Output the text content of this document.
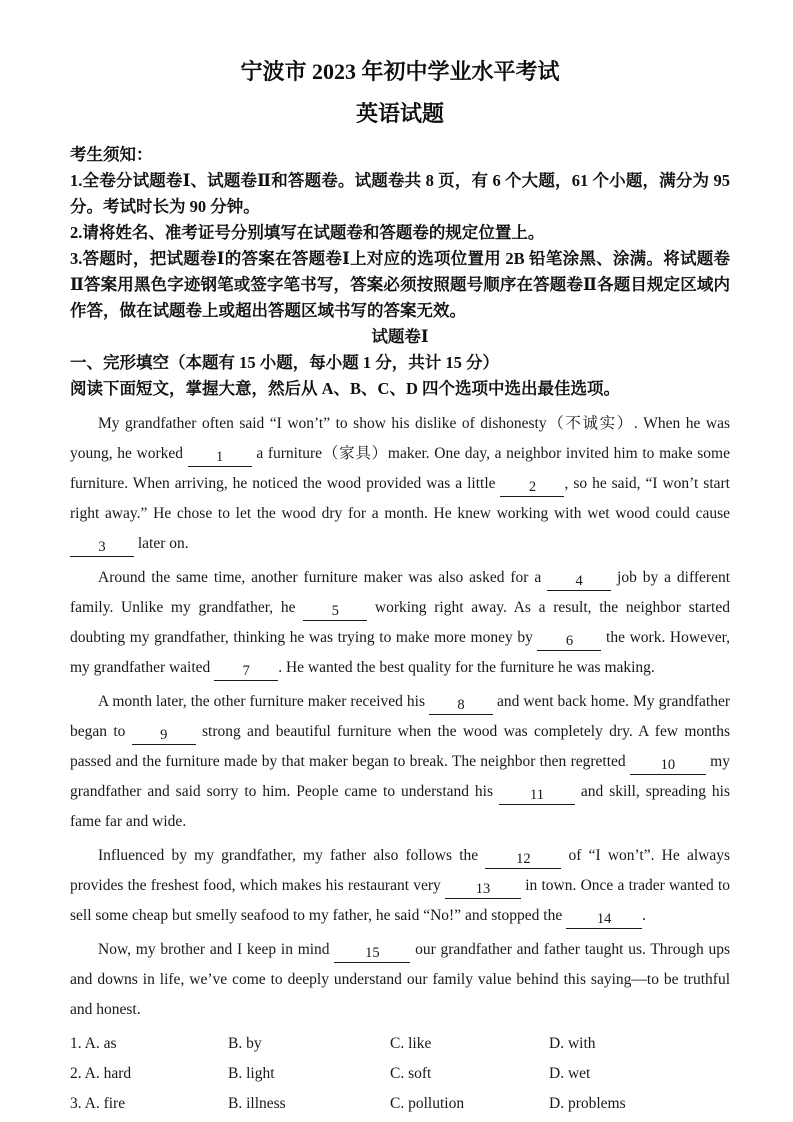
宁波市 2023 年初中学业水平考试
英语试题

考生须知：

1.全卷分试题卷Ⅰ、试题卷Ⅱ和答题卷。试题卷共 8 页，有 6 个大题，61 个小题，满分为 95 分。考试时长为 90 分钟。

2.请将姓名、准考证号分别填写在试题卷和答题卷的规定位置上。

3.答题时，把试题卷Ⅰ的答案在答题卷Ⅰ上对应的选项位置用 2B 铅笔涂黑、涂满。将试题卷Ⅱ答案用黑色字迹钢笔或签字笔书写，答案必须按照题号顺序在答题卷Ⅱ各题目规定区域内作答，做在试题卷上或超出答题区域书写的答案无效。

试题卷Ⅰ

一、完形填空（本题有 15 小题，每小题 1 分，共计 15 分）

阅读下面短文，掌握大意，然后从 A、B、C、D 四个选项中选出最佳选项。

My grandfather often said “I won’t” to show his dislike of dishonesty（不诚实）. When he was young, he worked 1 a furniture（家具）maker. One day, a neighbor invited him to make some furniture. When arriving, he noticed the wood provided was a little 2 , so he said, “I won’t start right away.” He chose to let the wood dry for a month. He knew working with wet wood could cause 3 later on.

Around the same time, another furniture maker was also asked for a 4 job by a different family. Unlike my grandfather, he 5 working right away. As a result, the neighbor started doubting my grandfather, thinking he was trying to make more money by 6 the work. However, my grandfather waited 7 . He wanted the best quality for the furniture he was making.

A month later, the other furniture maker received his 8 and went back home. My grandfather began to 9 strong and beautiful furniture when the wood was completely dry. A few months passed and the furniture made by that maker began to break. The neighbor then regretted 10 my grandfather and said sorry to him. People came to understand his 11 and skill, spreading his fame far and wide.

Influenced by my grandfather, my father also follows the 12 of “I won’t”. He always provides the freshest food, which makes his restaurant very 13 in town. Once a trader wanted to sell some cheap but smelly seafood to my father, he said “No!” and stopped the 14 .

Now, my brother and I keep in mind 15 our grandfather and father taught us. Through ups and downs in life, we’ve come to deeply understand our family value behind this saying—to be truthful and honest.

1. A. as	B. by	C. like	D. with
2. A. hard	B. light	C. soft	D. wet
3. A. fire	B. illness	C. pollution	D. problems
